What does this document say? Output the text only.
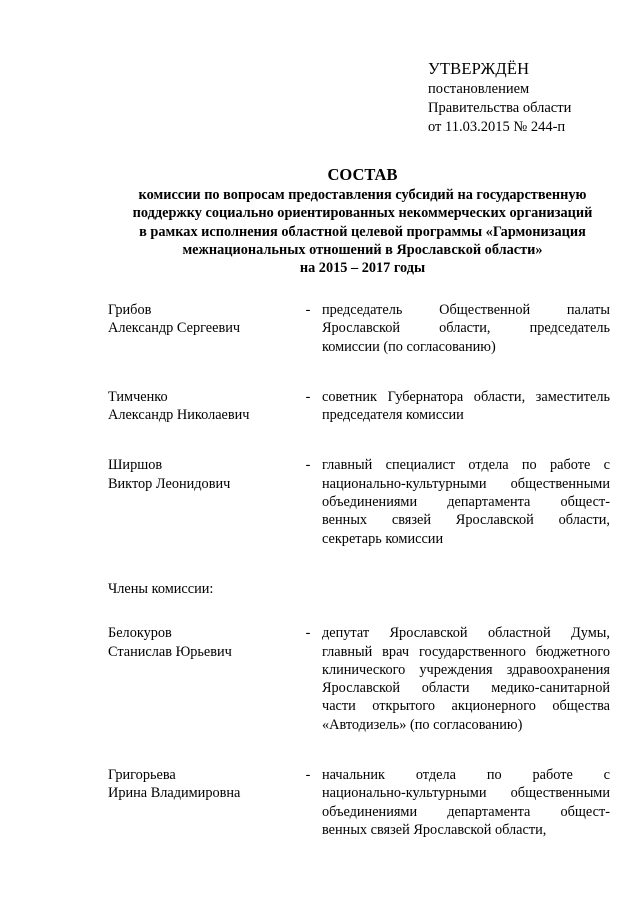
УТВЕРЖДЁН
постановлением
Правительства области
от 11.03.2015 № 244-п
СОСТАВ
комиссии по вопросам предоставления субсидий на государственную
поддержку социально ориентированных некоммерческих организаций
в рамках исполнения областной целевой программы «Гармонизация
межнациональных отношений в Ярославской области»
на 2015 – 2017 годы
Грибов
Александр Сергеевич
- председатель Общественной палаты
Ярославской области, председатель
комиссии (по согласованию)
Тимченко
Александр Николаевич
- советник Губернатора области, заместитель
председателя комиссии
Ширшов
Виктор Леонидович
- главный специалист отдела по работе с
национально-культурными общественными
объединениями департамента общест-
венных связей Ярославской области,
секретарь комиссии
Члены комиссии:
Белокуров
Станислав Юрьевич
- депутат Ярославской областной Думы,
главный врач государственного бюджетного
клинического учреждения здравоохранения
Ярославской области медико-санитарной
части открытого акционерного общества
«Автодизель» (по согласованию)
Григорьева
Ирина Владимировна
- начальник отдела по работе с
национально-культурными общественными
объединениями департамента общест-
венных связей Ярославской области,
